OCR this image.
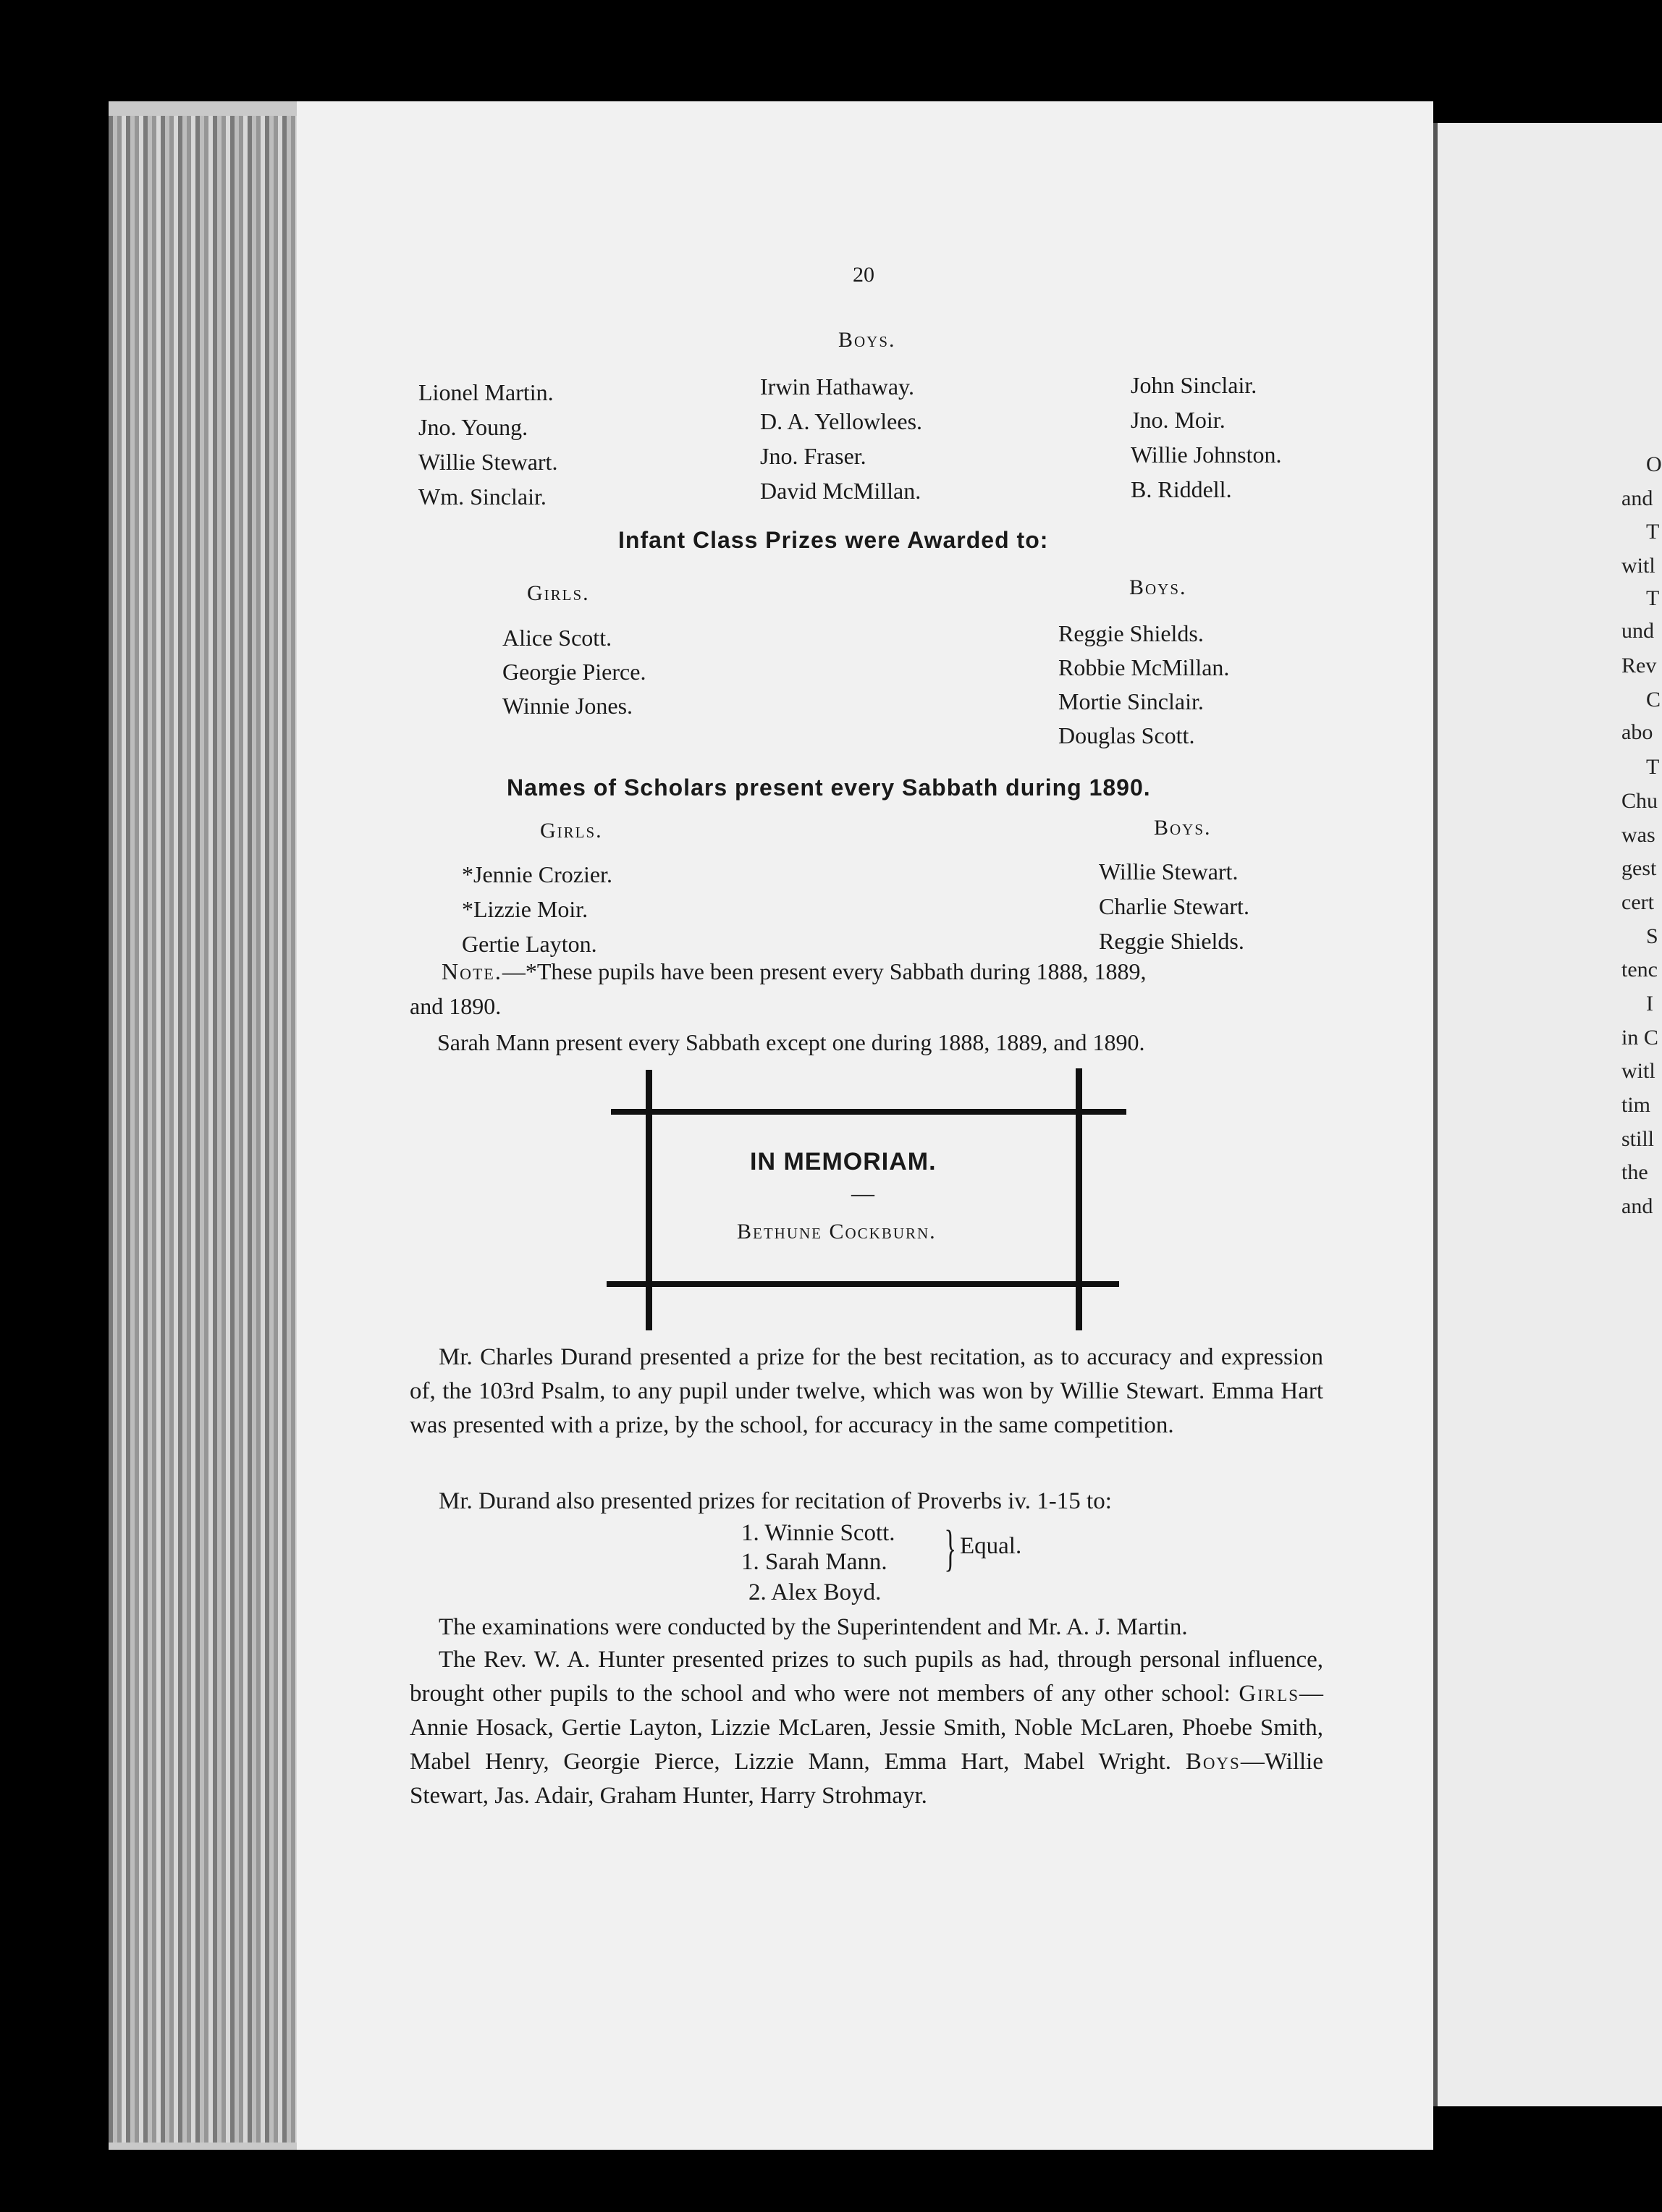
O
and
T
witl
T
und
Rev
C
abo
T
Chu
was
gest
cert
S
tenc
I
in C
witl
tim
still
the
and
20
Boys.
Lionel Martin.
Jno. Young.
Willie Stewart.
Wm. Sinclair.
Irwin Hathaway.
D. A. Yellowlees.
Jno. Fraser.
David McMillan.
John Sinclair.
Jno. Moir.
Willie Johnston.
B. Riddell.
Infant Class Prizes were Awarded to:
Girls.	Boys.
Alice Scott.
Georgie Pierce.
Winnie Jones.
Reggie Shields.
Robbie McMillan.
Mortie Sinclair.
Douglas Scott.
Names of Scholars present every Sabbath during 1890.
Girls.	Boys.
*Jennie Crozier.
*Lizzie Moir.
Gertie Layton.
Willie Stewart.
Charlie Stewart.
Reggie Shields.
Note.—*These pupils have been present every Sabbath during 1888, 1889,
and 1890.
Sarah Mann present every Sabbath except one during 1888, 1889, and 1890.
IN MEMORIAM.
—
Bethune Cockburn.
Mr. Charles Durand presented a prize for the best recitation, as to accuracy and expression of, the 103rd Psalm, to any pupil under twelve, which was won by Willie Stewart. Emma Hart was presented with a prize, by the school, for accuracy in the same competition.
Mr. Durand also presented prizes for recitation of Proverbs iv. 1-15 to:
1. Winnie Scott.
1. Sarah Mann. } Equal.
2. Alex Boyd.
The examinations were conducted by the Superintendent and Mr. A. J. Martin.
The Rev. W. A. Hunter presented prizes to such pupils as had, through personal influence, brought other pupils to the school and who were not members of any other school: Girls—Annie Hosack, Gertie Layton, Lizzie McLaren, Jessie Smith, Noble McLaren, Phoebe Smith, Mabel Henry, Georgie Pierce, Lizzie Mann, Emma Hart, Mabel Wright. Boys—Willie Stewart, Jas. Adair, Graham Hunter, Harry Strohmayr.
